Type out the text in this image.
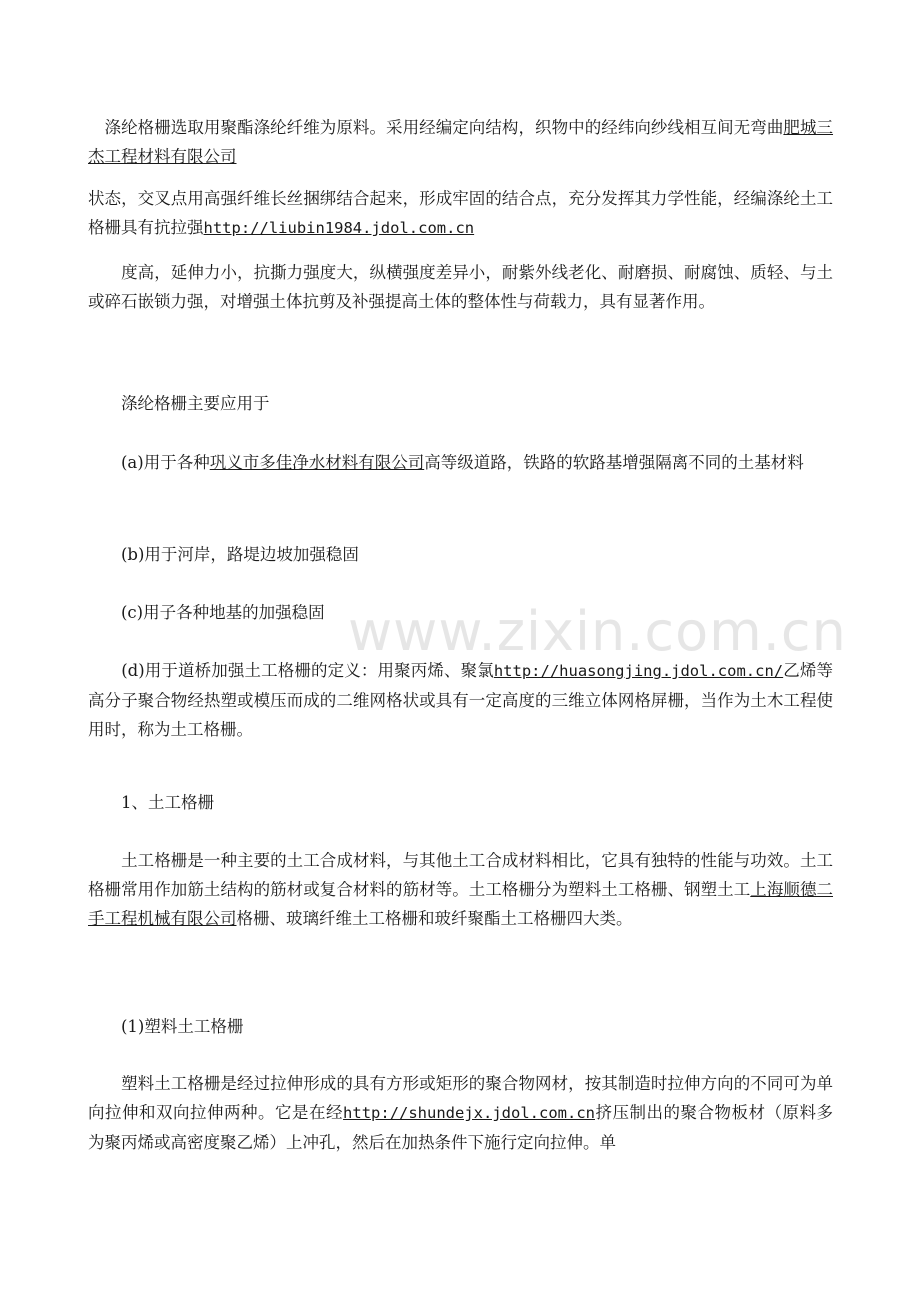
　涤纶格栅选取用聚酯涤纶纤维为原料。采用经编定向结构，织物中的经纬向纱线相互间无弯曲肥城三杰工程材料有限公司

状态，交叉点用高强纤维长丝捆绑结合起来，形成牢固的结合点，充分发挥其力学性能，经编涤纶土工格栅具有抗拉强http://liubin1984.jdol.com.cn

　　度高，延伸力小，抗撕力强度大，纵横强度差异小，耐紫外线老化、耐磨损、耐腐蚀、质轻、与土或碎石嵌锁力强，对增强土体抗剪及补强提高土体的整体性与荷载力，具有显著作用。

　　涤纶格栅主要应用于

　　(a)用于各种巩义市多佳净水材料有限公司高等级道路，铁路的软路基增强隔离不同的土基材料

　　(b)用于河岸，路堤边坡加强稳固

　　(c)用子各种地基的加强稳固

　　(d)用于道桥加强土工格栅的定义：用聚丙烯、聚氯http://huasongjing.jdol.com.cn/乙烯等高分子聚合物经热塑或模压而成的二维网格状或具有一定高度的三维立体网格屏栅，当作为土木工程使用时，称为土工格栅。

　　1、土工格栅

　　土工格栅是一种主要的土工合成材料，与其他土工合成材料相比，它具有独特的性能与功效。土工格栅常用作加筋土结构的筋材或复合材料的筋材等。土工格栅分为塑料土工格栅、钢塑土工上海顺德二手工程机械有限公司格栅、玻璃纤维土工格栅和玻纤聚酯土工格栅四大类。

　　(1)塑料土工格栅

　　塑料土工格栅是经过拉伸形成的具有方形或矩形的聚合物网材，按其制造时拉伸方向的不同可为单向拉伸和双向拉伸两种。它是在经http://shundejx.jdol.com.cn挤压制出的聚合物板材（原料多为聚丙烯或高密度聚乙烯）上冲孔，然后在加热条件下施行定向拉伸。单

www.zixin.com.cn
